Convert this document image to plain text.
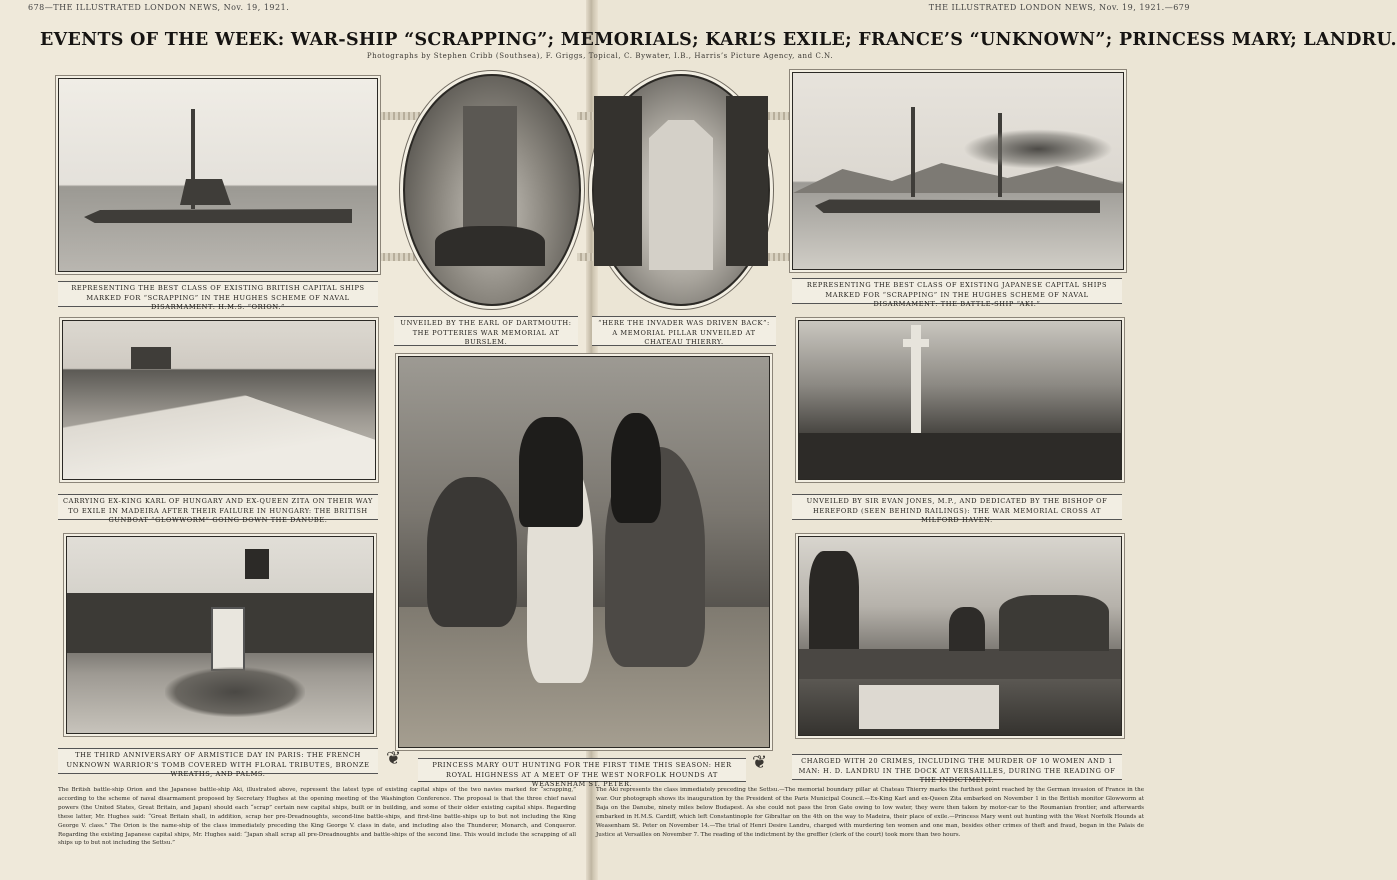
678—THE ILLUSTRATED LONDON NEWS, Nov. 19, 1921.	THE ILLUSTRATED LONDON NEWS, Nov. 19, 1921.—679
EVENTS OF THE WEEK: WAR-SHIP “SCRAPPING”; MEMORIALS; KARL’S EXILE; FRANCE’S “UNKNOWN”; PRINCESS MARY; LANDRU.
Photographs by Stephen Cribb (Southsea), F. Griggs, Topical, C. Bywater, I.B., Harris’s Picture Agency, and C.N.
REPRESENTING THE BEST CLASS OF EXISTING BRITISH CAPITAL SHIPS MARKED FOR “SCRAPPING” IN THE HUGHES SCHEME OF NAVAL DISARMAMENT: H.M.S. “ORION.”
REPRESENTING THE BEST CLASS OF EXISTING JAPANESE CAPITAL SHIPS MARKED FOR “SCRAPPING” IN THE HUGHES SCHEME OF NAVAL DISARMAMENT: THE BATTLE-SHIP “AKI.”
UNVEILED BY THE EARL OF DARTMOUTH: THE POTTERIES WAR MEMORIAL AT BURSLEM.
“HERE THE INVADER WAS DRIVEN BACK”: A MEMORIAL PILLAR UNVEILED AT CHATEAU THIERRY.
CARRYING EX-KING KARL OF HUNGARY AND EX-QUEEN ZITA ON THEIR WAY TO EXILE IN MADEIRA AFTER THEIR FAILURE IN HUNGARY: THE BRITISH GUNBOAT “GLOWWORM” GOING DOWN THE DANUBE.
PRINCESS MARY OUT HUNTING FOR THE FIRST TIME THIS SEASON: HER ROYAL HIGHNESS AT A MEET OF THE WEST NORFOLK HOUNDS AT WEASENHAM ST. PETER.
UNVEILED BY SIR EVAN JONES, M.P., AND DEDICATED BY THE BISHOP OF HEREFORD (SEEN BEHIND RAILINGS): THE WAR MEMORIAL CROSS AT MILFORD HAVEN.
THE THIRD ANNIVERSARY OF ARMISTICE DAY IN PARIS: THE FRENCH UNKNOWN WARRIOR’S TOMB COVERED WITH FLORAL TRIBUTES, BRONZE WREATHS, AND PALMS.
CHARGED WITH 20 CRIMES, INCLUDING THE MURDER OF 10 WOMEN AND 1 MAN: H. D. LANDRU IN THE DOCK AT VERSAILLES, DURING THE READING OF THE INDICTMENT.
❦	❦
The British battle-ship Orion and the Japanese battle-ship Aki, illustrated above, represent the latest type of existing capital ships of the two navies marked for “scrapping,” according to the scheme of naval disarmament proposed by Secretary Hughes at the opening meeting of the Washington Conference. The proposal is that the three chief naval powers (the United States, Great Britain, and Japan) should each “scrap” certain new capital ships, built or in building, and some of their older existing capital ships. Regarding these latter, Mr. Hughes said: “Great Britain shall, in addition, scrap her pre-Dreadnoughts, second-line battle-ships, and first-line battle-ships up to but not including the King George V. class.” The Orion is the name-ship of the class immediately preceding the King George V. class in date, and including also the Thunderer, Monarch, and Conqueror. Regarding the existing Japanese capital ships, Mr. Hughes said: “Japan shall scrap all pre-Dreadnoughts and battle-ships of the second line. This would include the scrapping of all ships up to but not including the Settsu.”
The Aki represents the class immediately preceding the Settsu.—The memorial boundary pillar at Chateau Thierry marks the furthest point reached by the German invasion of France in the war. Our photograph shows its inauguration by the President of the Paris Municipal Council.—Ex-King Karl and ex-Queen Zita embarked on November 1 in the British monitor Glowworm at Baja on the Danube, ninety miles below Budapest. As she could not pass the Iron Gate owing to low water, they were then taken by motor-car to the Roumanian frontier, and afterwards embarked in H.M.S. Cardiff, which left Constantinople for Gibraltar on the 4th on the way to Madeira, their place of exile.—Princess Mary went out hunting with the West Norfolk Hounds at Weasenham St. Peter on November 14.—The trial of Henri Desire Landru, charged with murdering ten women and one man, besides other crimes of theft and fraud, began in the Palais de Justice at Versailles on November 7. The reading of the indictment by the greffier (clerk of the court) took more than two hours.
